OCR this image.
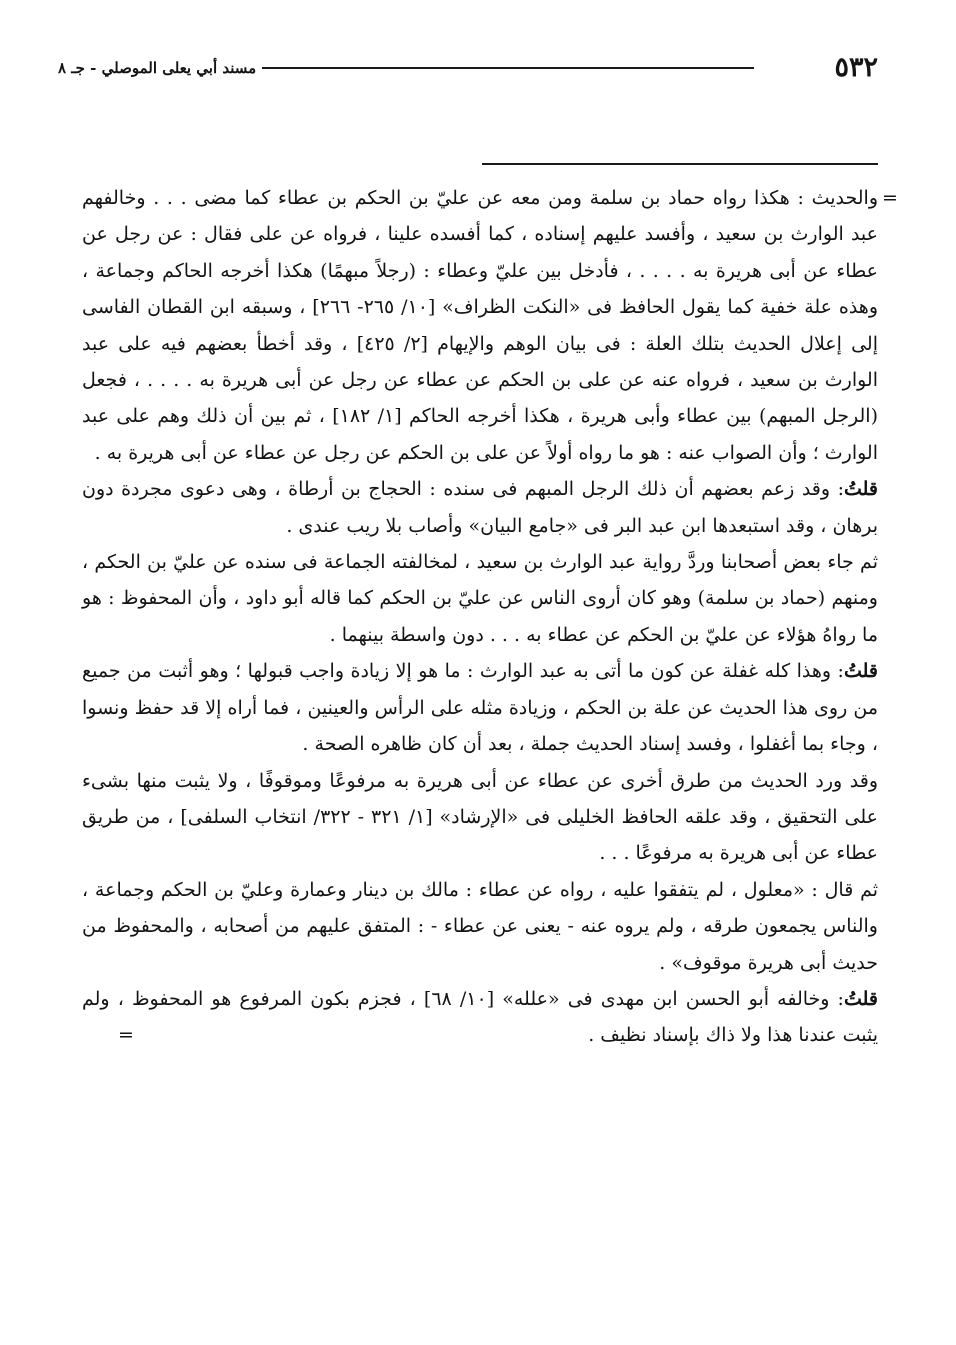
٥٣٢
مسند أبي يعلى الموصلي - جـ ٨

=
والحديث : هكذا رواه حماد بن سلمة ومن معه عن عليّ بن الحكم بن عطاء كما مضى . . . وخالفهم عبد الوارث بن سعيد ، وأفسد عليهم إسناده ، كما أفسده علينا ، فرواه عن على فقال : عن رجل عن عطاء عن أبى هريرة به . . . . ، فأدخل بين عليّ وعطاء : (رجلاً مبهمًا) هكذا أخرجه الحاكم وجماعة ، وهذه علة خفية كما يقول الحافظ فى «النكت الظراف» [١٠/ ٢٦٥- ٢٦٦] ، وسبقه ابن القطان الفاسى إلى إعلال الحديث بتلك العلة : فى بيان الوهم والإيهام [٢/ ٤٢٥] ، وقد أخطأ بعضهم فيه على عبد الوارث بن سعيد ، فرواه عنه عن على بن الحكم عن عطاء عن رجل عن أبى هريرة به . . . . ، فجعل (الرجل المبهم) بين عطاء وأبى هريرة ، هكذا أخرجه الحاكم [١/ ١٨٢] ، ثم بين أن ذلك وهم على عبد الوارث ؛ وأن الصواب عنه : هو ما رواه أولاً عن على بن الحكم عن رجل عن عطاء عن أبى هريرة به .

قلتُ: وقد زعم بعضهم أن ذلك الرجل المبهم فى سنده : الحجاج بن أرطاة ، وهى دعوى مجردة دون برهان ، وقد استبعدها ابن عبد البر فى «جامع البيان» وأصاب بلا ريب عندى .

ثم جاء بعض أصحابنا وردَّ رواية عبد الوارث بن سعيد ، لمخالفته الجماعة فى سنده عن عليّ بن الحكم ، ومنهم (حماد بن سلمة) وهو كان أروى الناس عن عليّ بن الحكم كما قاله أبو داود ، وأن المحفوظ : هو ما رواهُ هؤلاء عن عليّ بن الحكم عن عطاء به . . . دون واسطة بينهما .

قلتُ: وهذا كله غفلة عن كون ما أتى به عبد الوارث : ما هو إلا زيادة واجب قبولها ؛ وهو أثبت من جميع من روى هذا الحديث عن علة بن الحكم ، وزيادة مثله على الرأس والعينين ، فما أراه إلا قد حفظ ونسوا ، وجاء بما أغفلوا ، وفسد إسناد الحديث جملة ، بعد أن كان ظاهره الصحة .

وقد ورد الحديث من طرق أخرى عن عطاء عن أبى هريرة به مرفوعًا وموقوفًا ، ولا يثبت منها بشىء على التحقيق ، وقد علقه الحافظ الخليلى فى «الإرشاد» [١/ ٣٢١ - ٣٢٢/ انتخاب السلفى] ، من طريق عطاء عن أبى هريرة به مرفوعًا . . .

ثم قال : «معلول ، لم يتفقوا عليه ، رواه عن عطاء : مالك بن دينار وعمارة وعليّ بن الحكم وجماعة ، والناس يجمعون طرقه ، ولم يروه عنه - يعنى عن عطاء - : المتفق عليهم من أصحابه ، والمحفوظ من حديث أبى هريرة موقوف» .

قلتُ: وخالفه أبو الحسن ابن مهدى فى «علله» [١٠/ ٦٨] ، فجزم بكون المرفوع هو المحفوظ ، ولم يثبت عندنا هذا ولا ذاك بإسناد نظيف .
=
